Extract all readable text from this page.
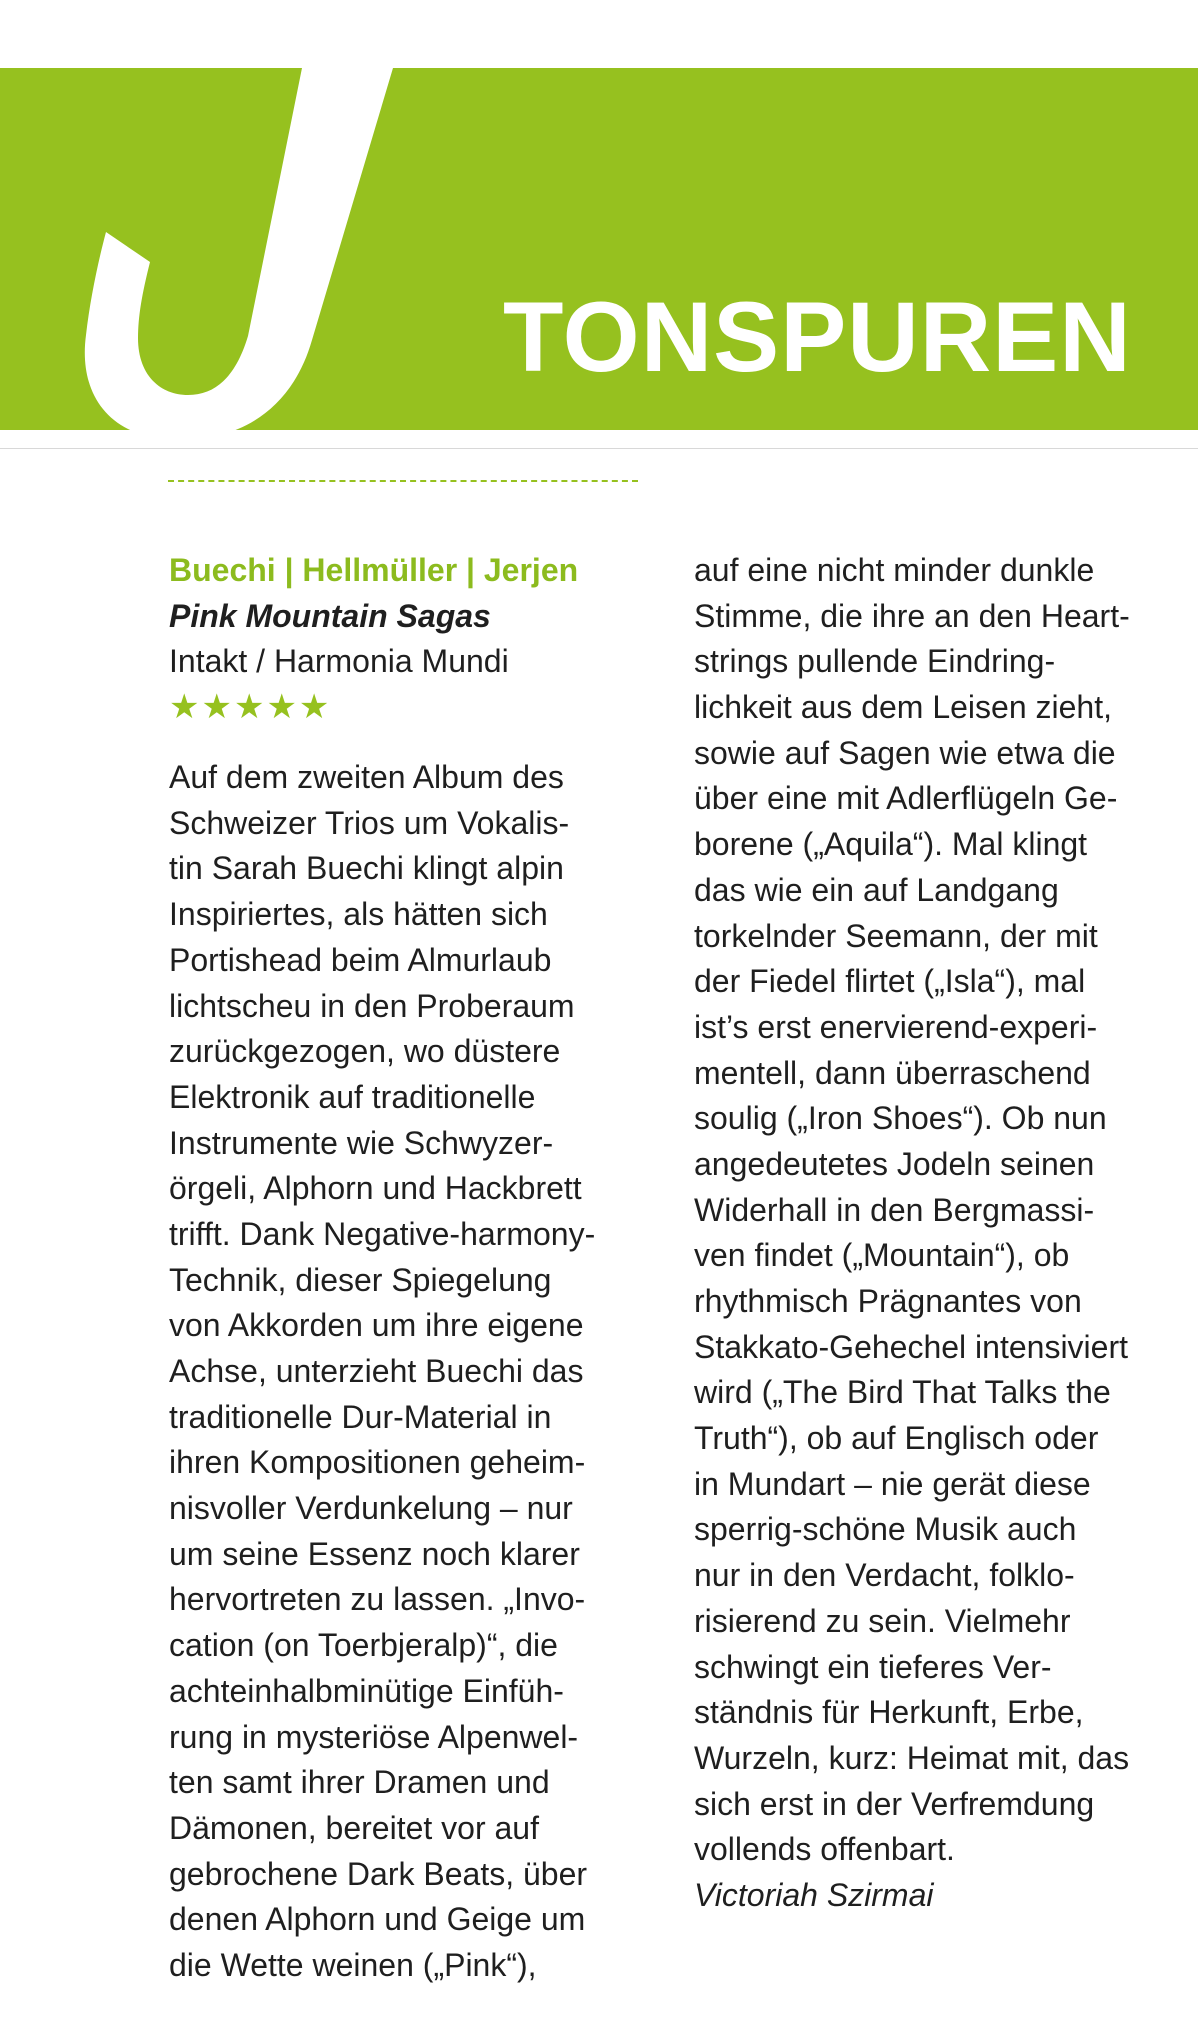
TONSPUREN
Buechi | Hellmüller | Jerjen
Pink Mountain Sagas
Intakt / Harmonia Mundi
★★★★★
Auf dem zweiten Album des
Schweizer Trios um Vokalis-
tin Sarah Buechi klingt alpin
Inspiriertes, als hätten sich
Portishead beim Almurlaub
lichtscheu in den Proberaum
zurückgezogen, wo düstere
Elektronik auf traditionelle
Instrumente wie Schwyzer-
örgeli, Alphorn und Hackbrett
trifft. Dank Negative-harmony-
Technik, dieser Spiegelung
von Akkorden um ihre eigene
Achse, unterzieht Buechi das
traditionelle Dur-Material in
ihren Kompositionen geheim-
nisvoller Verdunkelung – nur
um seine Essenz noch klarer
hervortreten zu lassen. „Invo-
cation (on Toerbjeralp)“, die
achteinhalbminütige Einfüh-
rung in mysteriöse Alpenwel-
ten samt ihrer Dramen und
Dämonen, bereitet vor auf
gebrochene Dark Beats, über
denen Alphorn und Geige um
die Wette weinen („Pink“),
auf eine nicht minder dunkle
Stimme, die ihre an den Heart-
strings pullende Eindring-
lichkeit aus dem Leisen zieht,
sowie auf Sagen wie etwa die
über eine mit Adlerflügeln Ge-
borene („Aquila“). Mal klingt
das wie ein auf Landgang
torkelnder Seemann, der mit
der Fiedel flirtet („Isla“), mal
ist’s erst enervierend-experi-
mentell, dann überraschend
soulig („Iron Shoes“). Ob nun
angedeutetes Jodeln seinen
Widerhall in den Bergmassi-
ven findet („Mountain“), ob
rhythmisch Prägnantes von
Stakkato-Gehechel intensiviert
wird („The Bird That Talks the
Truth“), ob auf Englisch oder
in Mundart – nie gerät diese
sperrig-schöne Musik auch
nur in den Verdacht, folklo-
risierend zu sein. Vielmehr
schwingt ein tieferes Ver-
ständnis für Herkunft, Erbe,
Wurzeln, kurz: Heimat mit, das
sich erst in der Verfremdung
vollends offenbart.
Victoriah Szirmai
